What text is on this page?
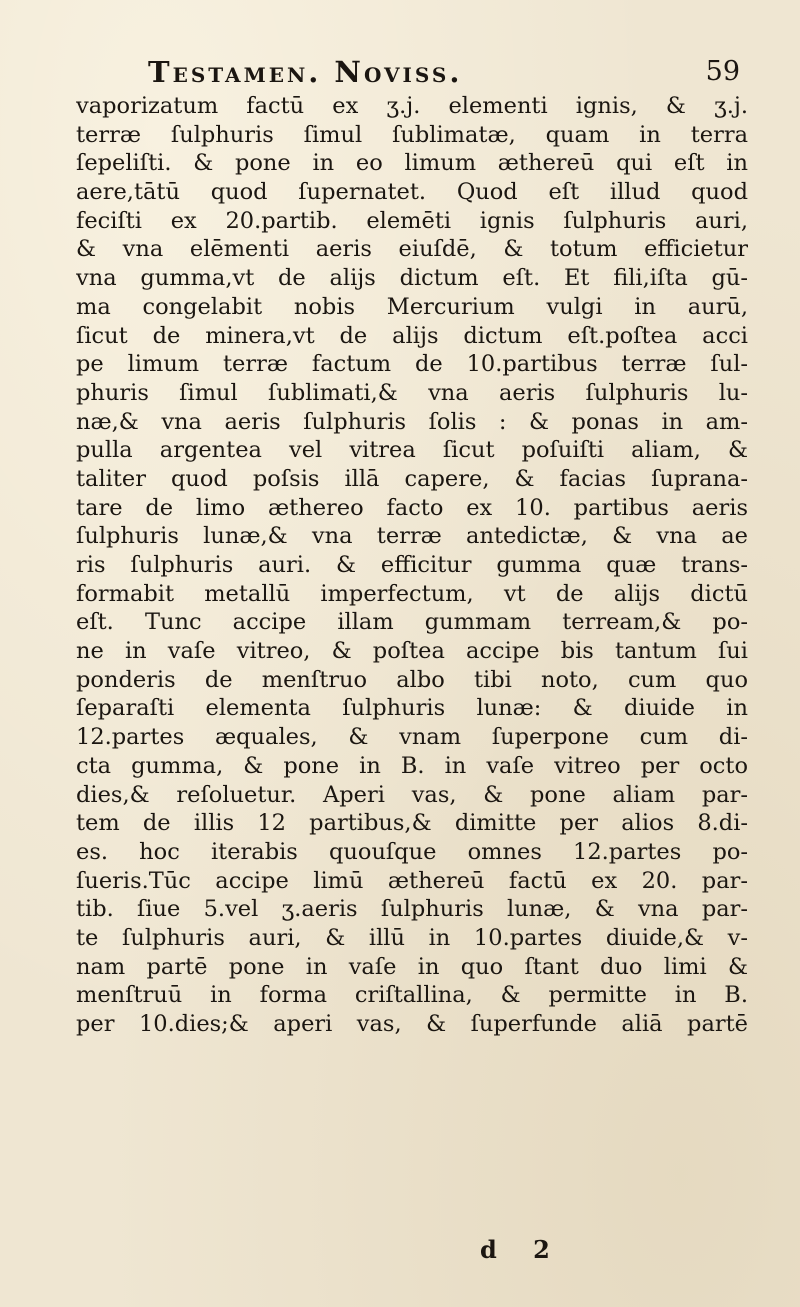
Testamen. Noviss.	59
vaporizatum factū ex ʒ.j. elementi ignis, & ʒ.j.
terræ ſulphuris ſimul ſublimatæ, quam in terra
ſepeliſti. & pone in eo limum æthereū qui eſt in
aere,tātū quod ſupernatet. Quod eſt illud quod
feciſti ex 20.partib. elemēti ignis ſulphuris auri,
& vna elēmenti aeris eiuſdē, & totum efficietur
vna gumma,vt de alijs dictum eſt. Et fili,iſta gū-
ma congelabit nobis Mercurium vulgi in aurū,
ſicut de minera,vt de alijs dictum eſt.poſtea acci
pe limum terræ factum de 10.partibus terræ ſul-
phuris ſimul ſublimati,& vna aeris ſulphuris lu-
næ,& vna aeris ſulphuris ſolis : & ponas in am-
pulla argentea vel vitrea ſicut poſuiſti aliam, &
taliter quod poſsis illā capere, & facias ſuprana-
tare de limo æthereo facto ex 10. partibus aeris
ſulphuris lunæ,& vna terræ antedictæ, & vna ae
ris ſulphuris auri. & efficitur gumma quæ trans-
formabit metallū imperfectum, vt de alijs dictū
eſt. Tunc accipe illam gummam terream,& po-
ne in vaſe vitreo, & poſtea accipe bis tantum ſui
ponderis de menſtruo albo tibi noto, cum quo
ſeparaſti elementa ſulphuris lunæ: & diuide in
12.partes æquales, & vnam ſuperpone cum di-
cta gumma, & pone in B. in vaſe vitreo per octo
dies,& reſoluetur. Aperi vas, & pone aliam par-
tem de illis 12 partibus,& dimitte per alios 8.di-
es. hoc iterabis quouſque omnes 12.partes po-
ſueris.Tūc accipe limū æthereū factū ex 20. par-
tib. ſiue 5.vel ʒ.aeris ſulphuris lunæ, & vna par-
te ſulphuris auri, & illū in 10.partes diuide,& v-
nam partē pone in vaſe in quo ſtant duo limi &
menſtruū in forma criſtallina, & permitte in B.
per 10.dies;& aperi vas, & ſuperfunde aliā partē
d 2
